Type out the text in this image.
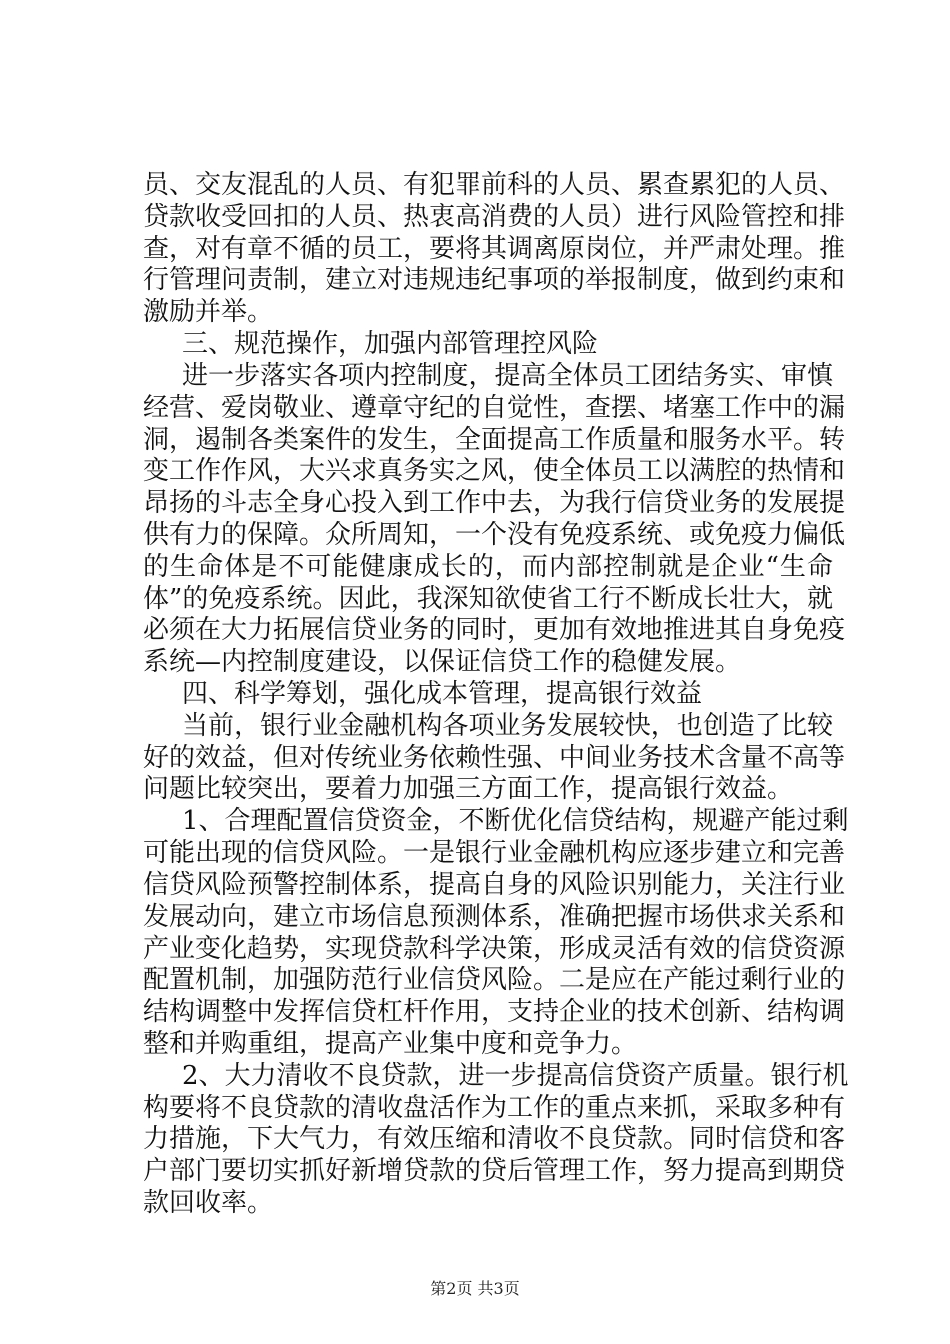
员、交友混乱的人员、有犯罪前科的人员、累查累犯的人员、
贷款收受回扣的人员、热衷高消费的人员）进行风险管控和排
查，对有章不循的员工，要将其调离原岗位，并严肃处理。推
行管理问责制，建立对违规违纪事项的举报制度，做到约束和
激励并举。
三、规范操作，加强内部管理控风险
进一步落实各项内控制度，提高全体员工团结务实、审慎
经营、爱岗敬业、遵章守纪的自觉性，查摆、堵塞工作中的漏
洞，遏制各类案件的发生，全面提高工作质量和服务水平。转
变工作作风，大兴求真务实之风，使全体员工以满腔的热情和
昂扬的斗志全身心投入到工作中去，为我行信贷业务的发展提
供有力的保障。众所周知，一个没有免疫系统、或免疫力偏低
的生命体是不可能健康成长的，而内部控制就是企业“生命
体”的免疫系统。因此，我深知欲使省工行不断成长壮大，就
必须在大力拓展信贷业务的同时，更加有效地推进其自身免疫
系统—内控制度建设，以保证信贷工作的稳健发展。
四、科学筹划，强化成本管理，提高银行效益
当前，银行业金融机构各项业务发展较快，也创造了比较
好的效益，但对传统业务依赖性强、中间业务技术含量不高等
问题比较突出，要着力加强三方面工作，提高银行效益。
1、合理配置信贷资金，不断优化信贷结构，规避产能过剩
可能出现的信贷风险。一是银行业金融机构应逐步建立和完善
信贷风险预警控制体系，提高自身的风险识别能力，关注行业
发展动向，建立市场信息预测体系，准确把握市场供求关系和
产业变化趋势，实现贷款科学决策，形成灵活有效的信贷资源
配置机制，加强防范行业信贷风险。二是应在产能过剩行业的
结构调整中发挥信贷杠杆作用，支持企业的技术创新、结构调
整和并购重组，提高产业集中度和竞争力。
第2页 共3页
2、大力清收不良贷款，进一步提高信贷资产质量。银行机
构要将不良贷款的清收盘活作为工作的重点来抓，采取多种有
力措施，下大气力，有效压缩和清收不良贷款。同时信贷和客
户部门要切实抓好新增贷款的贷后管理工作，努力提高到期贷
款回收率。
